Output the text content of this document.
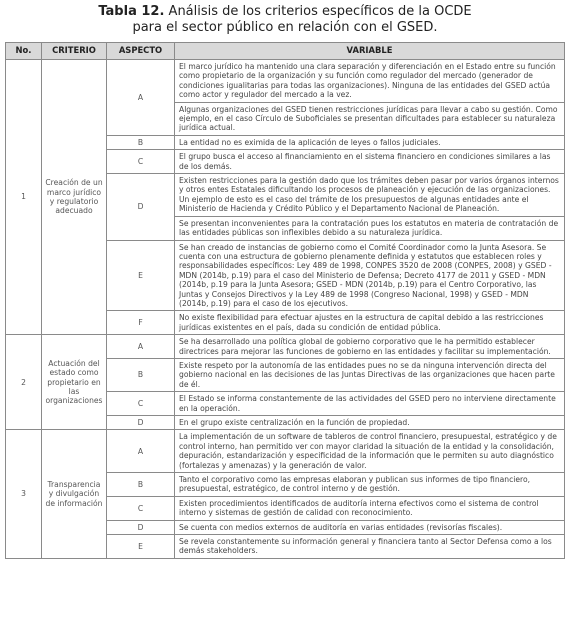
Tabla 12. Análisis de los criterios específicos de la OCDE
para el sector público en relación con el GSED.
No.	CRITERIO	ASPECTO	VARIABLE
1	Creación de un marco jurídico y regulatorio adecuado	A	El marco jurídico ha mantenido una clara separación y diferenciación en el Estado entre su función como propietario de la organización y su función como regulador del mercado (generador de condiciones igualitarias para todas las organizaciones). Ninguna de las entidades del GSED actúa como actor y regulador del mercado a la vez.
			Algunas organizaciones del GSED tienen restricciones jurídicas para llevar a cabo su gestión. Como ejemplo, en el caso Círculo de Suboficiales se presentan dificultades para establecer su naturaleza jurídica actual.
		B	La entidad no es eximida de la aplicación de leyes o fallos judiciales.
		C	El grupo busca el acceso al financiamiento en el sistema financiero en condiciones similares a las de los demás.
		D	Existen restricciones para la gestión dado que los trámites deben pasar por varios órganos internos y otros entes Estatales dificultando los procesos de planeación y ejecución de las organizaciones. Un ejemplo de esto es el caso del trámite de los presupuestos de algunas entidades ante el Ministerio de Hacienda y Crédito Público y el Departamento Nacional de Planeación.
			Se presentan inconvenientes para la contratación pues los estatutos en materia de contratación de las entidades públicas son inflexibles debido a su naturaleza jurídica.
		E	Se han creado de instancias de gobierno como el Comité Coordinador como la Junta Asesora. Se cuenta con una estructura de gobierno plenamente definida y estatutos que establecen roles y responsabilidades específicos: Ley 489 de 1998, CONPES 3520 de 2008 (CONPES, 2008) y GSED - MDN (2014b, p.19) para el caso del Ministerio de Defensa; Decreto 4177 de 2011 y GSED - MDN (2014b, p.19 para la Junta Asesora; GSED - MDN (2014b, p.19) para el Centro Corporativo, las Juntas y Consejos Directivos y la Ley 489 de 1998 (Congreso Nacional, 1998) y GSED - MDN (2014b, p.19) para el caso de los ejecutivos.
		F	No existe flexibilidad para efectuar ajustes en la estructura de capital debido a las restricciones jurídicas existentes en el país, dada su condición de entidad pública.
2	Actuación del estado como propietario en las organizaciones	A	Se ha desarrollado una política global de gobierno corporativo que le ha permitido establecer directrices para mejorar las funciones de gobierno en las entidades y facilitar su implementación.
		B	Existe respeto por la autonomía de las entidades pues no se da ninguna intervención directa del gobierno nacional en las decisiones de las Juntas Directivas de las organizaciones que hacen parte de él.
		C	El Estado se informa constantemente de las actividades del GSED pero no interviene directamente en la operación.
		D	En el grupo existe centralización en la función de propiedad.
3	Transparencia y divulgación de información	A	La implementación de un software de tableros de control financiero, presupuestal, estratégico y de control interno, han permitido ver con mayor claridad la situación de la entidad y la consolidación, depuración, estandarización y especificidad de la información que le permiten su auto diagnóstico (fortalezas y amenazas) y la generación de valor.
		B	Tanto el corporativo como las empresas elaboran y publican sus informes de tipo financiero, presupuestal, estratégico, de control interno y de gestión.
		C	Existen procedimientos identificados de auditoría interna efectivos como el sistema de control interno y sistemas de gestión de calidad con reconocimiento.
		D	Se cuenta con medios externos de auditoría en varias entidades (revisorías fiscales).
		E	Se revela constantemente su información general y financiera tanto al Sector Defensa como a los demás stakeholders.
